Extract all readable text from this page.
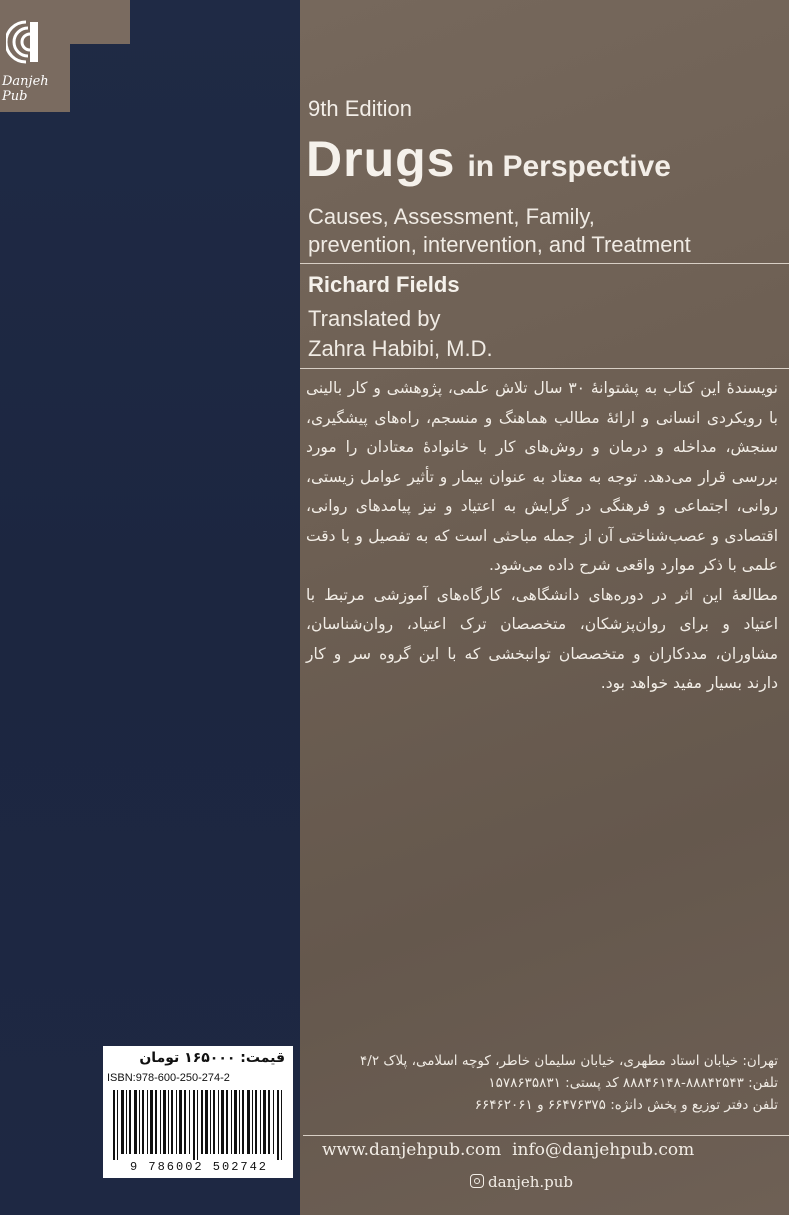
Danjeh Pub	9th Edition
Drugs in Perspective
Causes, Assessment, Family,
prevention, intervention, and Treatment
Richard Fields
Translated by
Zahra Habibi, M.D.

نویسندهٔ این کتاب به پشتوانهٔ ۳۰ سال تلاش علمی، پژوهشی و کار بالینی با رویکردی انسانی و ارائهٔ مطالب هماهنگ و منسجم، راه‌های پیشگیری، سنجش، مداخله و درمان و روش‌های کار با خانوادهٔ معتادان را مورد بررسی قرار می‌دهد. توجه به معتاد به عنوان بیمار و تأثیر عوامل زیستی، روانی، اجتماعی و فرهنگی در گرایش به اعتیاد و نیز پیامدهای روانی، اقتصادی و عصب‌شناختی آن از جمله مباحثی است که به تفصیل و با دقت علمی با ذکر موارد واقعی شرح داده می‌شود.

مطالعهٔ این اثر در دوره‌های دانشگاهی، کارگاه‌های آموزشی مرتبط با اعتیاد و برای روان‌پزشکان، متخصصان ترک اعتیاد، روان‌شناسان، مشاوران، مددکاران و متخصصان توانبخشی که با این گروه سر و کار دارند بسیار مفید خواهد بود.

قیمت: ۱۶۵۰۰۰ تومان
ISBN:978-600-250-274-2
9 786002 502742
تهران: خیابان استاد مطهری، خیابان سلیمان خاطر، کوچه اسلامی، پلاک ۴/۲
تلفن: ۸۸۸۴۲۵۴۳-۸۸۸۴۶۱۴۸ کد پستی: ۱۵۷۸۶۳۵۸۳۱
تلفن دفتر توزیع و پخش دانژه: ۶۶۴۷۶۳۷۵ و ۶۶۴۶۲۰۶۱
www.danjehpub.com info@danjehpub.com
danjeh.pub
